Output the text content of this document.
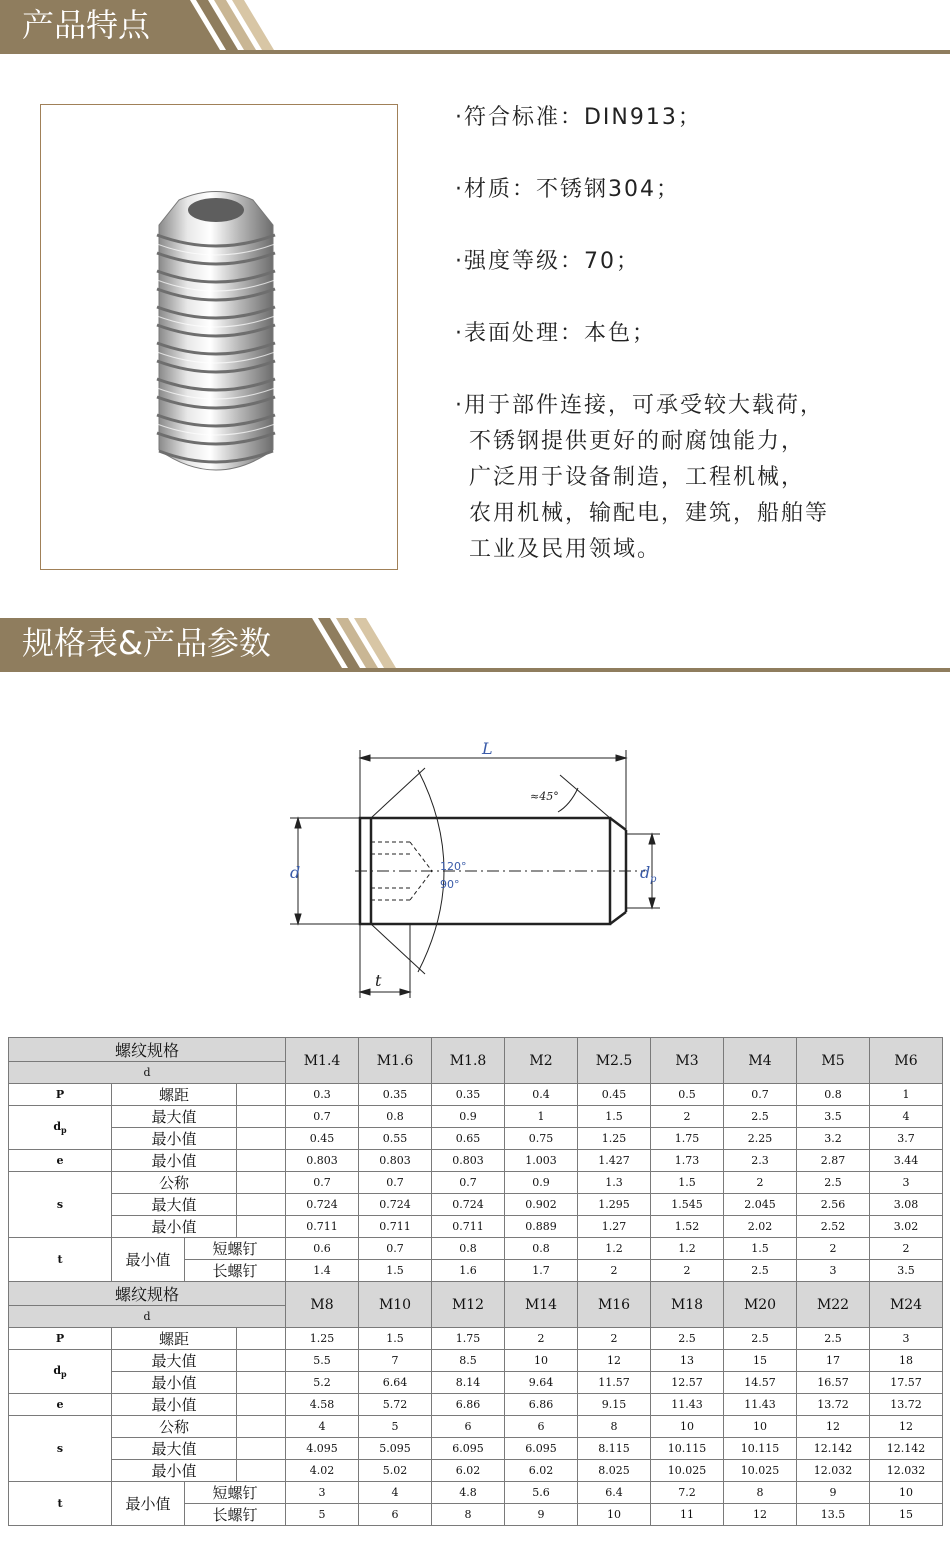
产品特点
·符合标准：DIN913；
·材质：不锈钢304；
·强度等级：70；
·表面处理：本色；
·用于部件连接，可承受较大载荷，
不锈钢提供更好的耐腐蚀能力，
广泛用于设备制造，工程机械，
农用机械，输配电，建筑，船舶等
工业及民用领域。
规格表&产品参数
L
d	d p
t
≈45°
120°
90°
螺纹规格				M1.4	M1.6	M1.8	M2	M2.5	M3	M4	M5	M6
d												
P	螺距			0.3	0.35	0.35	0.4	0.45	0.5	0.7	0.8	1
$d_p$	最大值			0.7	0.8	0.9	1	1.5	2	2.5	3.5	4
	最小值			0.45	0.55	0.65	0.75	1.25	1.75	2.25	3.2	3.7
e	最小值			0.803	0.803	0.803	1.003	1.427	1.73	2.3	2.87	3.44
s	公称			0.7	0.7	0.7	0.9	1.3	1.5	2	2.5	3
	最大值			0.724	0.724	0.724	0.902	1.295	1.545	2.045	2.56	3.08
	最小值			0.711	0.711	0.711	0.889	1.27	1.52	2.02	2.52	3.02
t	最小值	短螺钉		0.6	0.7	0.8	0.8	1.2	1.2	1.5	2	2
		长螺钉		1.4	1.5	1.6	1.7	2	2	2.5	3	3.5
螺纹规格				M8	M10	M12	M14	M16	M18	M20	M22	M24
d												
P	螺距			1.25	1.5	1.75	2	2	2.5	2.5	2.5	3
$d_p$	最大值			5.5	7	8.5	10	12	13	15	17	18
	最小值			5.2	6.64	8.14	9.64	11.57	12.57	14.57	16.57	17.57
e	最小值			4.58	5.72	6.86	6.86	9.15	11.43	11.43	13.72	13.72
s	公称			4	5	6	6	8	10	10	12	12
	最大值			4.095	5.095	6.095	6.095	8.115	10.115	10.115	12.142	12.142
	最小值			4.02	5.02	6.02	6.02	8.025	10.025	10.025	12.032	12.032
t	最小值	短螺钉		3	4	4.8	5.6	6.4	7.2	8	9	10
		长螺钉		5	6	8	9	10	11	12	13.5	15
